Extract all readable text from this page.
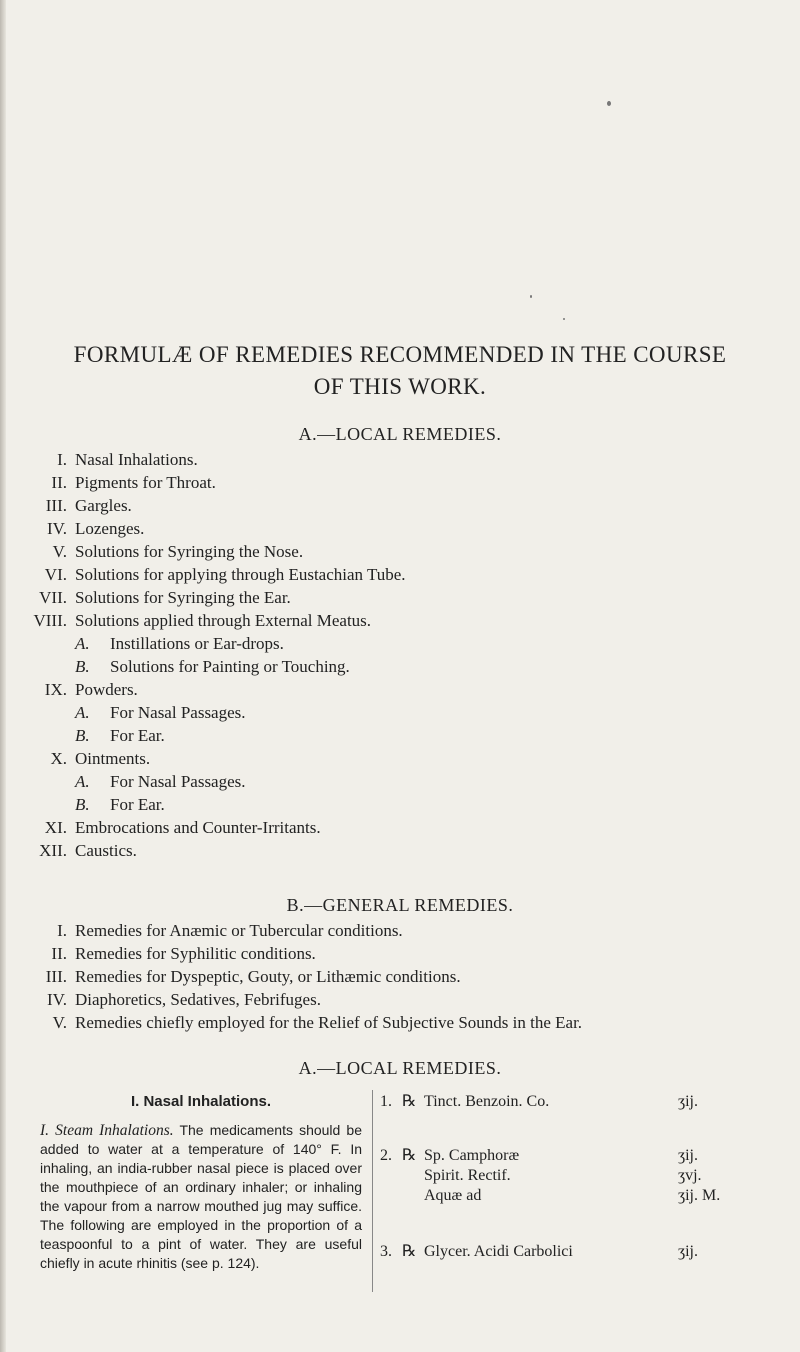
FORMULÆ OF REMEDIES RECOMMENDED IN THE COURSE
OF THIS WORK.
A.—LOCAL REMEDIES.
I. Nasal Inhalations.
II. Pigments for Throat.
III. Gargles.
IV. Lozenges.
V. Solutions for Syringing the Nose.
VI. Solutions for applying through Eustachian Tube.
VII. Solutions for Syringing the Ear.
VIII. Solutions applied through External Meatus.
A. Instillations or Ear-drops.
B. Solutions for Painting or Touching.
IX. Powders.
A. For Nasal Passages.
B. For Ear.
X. Ointments.
A. For Nasal Passages.
B. For Ear.
XI. Embrocations and Counter-Irritants.
XII. Caustics.
B.—GENERAL REMEDIES.
I. Remedies for Anæmic or Tubercular conditions.
II. Remedies for Syphilitic conditions.
III. Remedies for Dyspeptic, Gouty, or Lithæmic conditions.
IV. Diaphoretics, Sedatives, Febrifuges.
V. Remedies chiefly employed for the Relief of Subjective Sounds in the Ear.
A.—LOCAL REMEDIES.
I. Nasal Inhalations.

I. Steam Inhalations. The medicaments should be added to water at a temperature of 140° F. In inhaling, an india-rubber nasal piece is placed over the mouthpiece of an ordinary inhaler; or inhaling the vapour from a narrow mouthed jug may suffice. The following are employed in the proportion of a teaspoonful to a pint of water. They are useful chiefly in acute rhinitis (see p. 124).

1. ℞ Tinct. Benzoin. Co.	ʒij.
2. ℞ Sp. Camphoræ	ʒij.
Spirit. Rectif.	ʒvj.
Aquæ ad	ʒij. M.
3. ℞ Glycer. Acidi Carbolici	ʒij.
